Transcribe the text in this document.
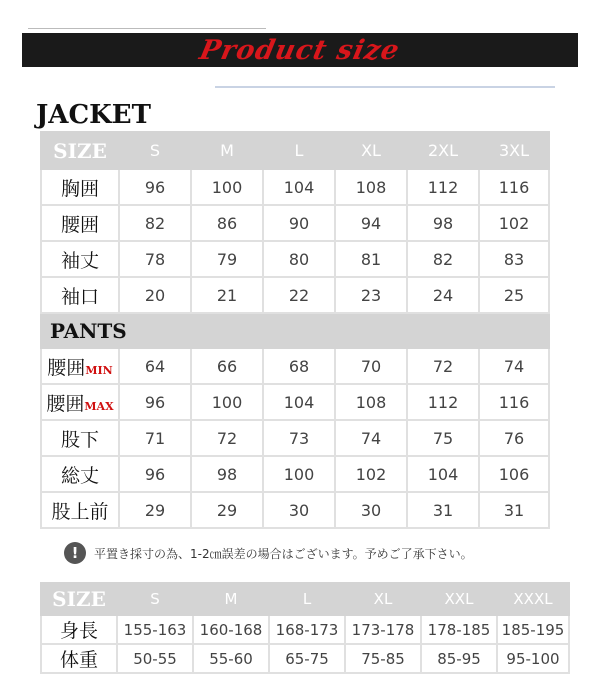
Product size
JACKET
SIZE	S	M	L	XL	2XL	3XL
胸囲	96	100	104	108	112	116
腰囲	82	86	90	94	98	102
袖丈	78	79	80	81	82	83
袖口	20	21	22	23	24	25
PANTS						
腰囲MIN	64	66	68	70	72	74
腰囲MAX	96	100	104	108	112	116
股下	71	72	73	74	75	76
総丈	96	98	100	102	104	106
股上前	29	29	30	30	31	31
!	平置き採寸の為、1-2㎝誤差の場合はございます。予めご了承下さい。
SIZE	S	M	L	XL	XXL	XXXL
身長	155-163	160-168	168-173	173-178	178-185	185-195
体重	50-55	55-60	65-75	75-85	85-95	95-100
